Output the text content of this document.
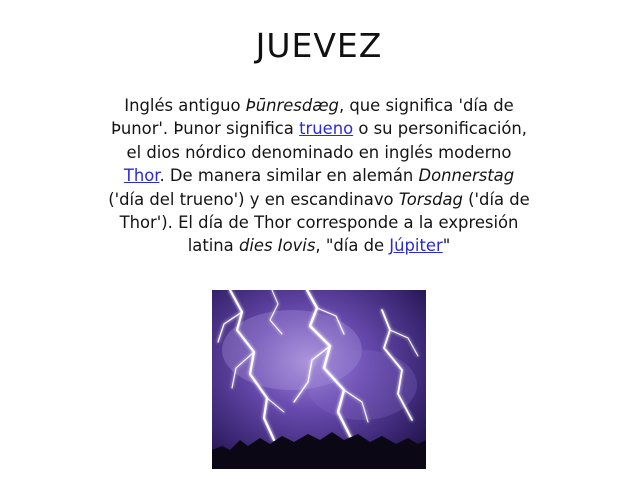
JUEVEZ
Inglés antiguo Þūnresdæg, que significa 'día de
Þunor'. Þunor significa trueno o su personificación,
el dios nórdico denominado en inglés moderno
Thor. De manera similar en alemán Donnerstag
('día del trueno') y en escandinavo Torsdag ('día de
Thor'). El día de Thor corresponde a la expresión
latina dies Iovis, "día de Júpiter"
